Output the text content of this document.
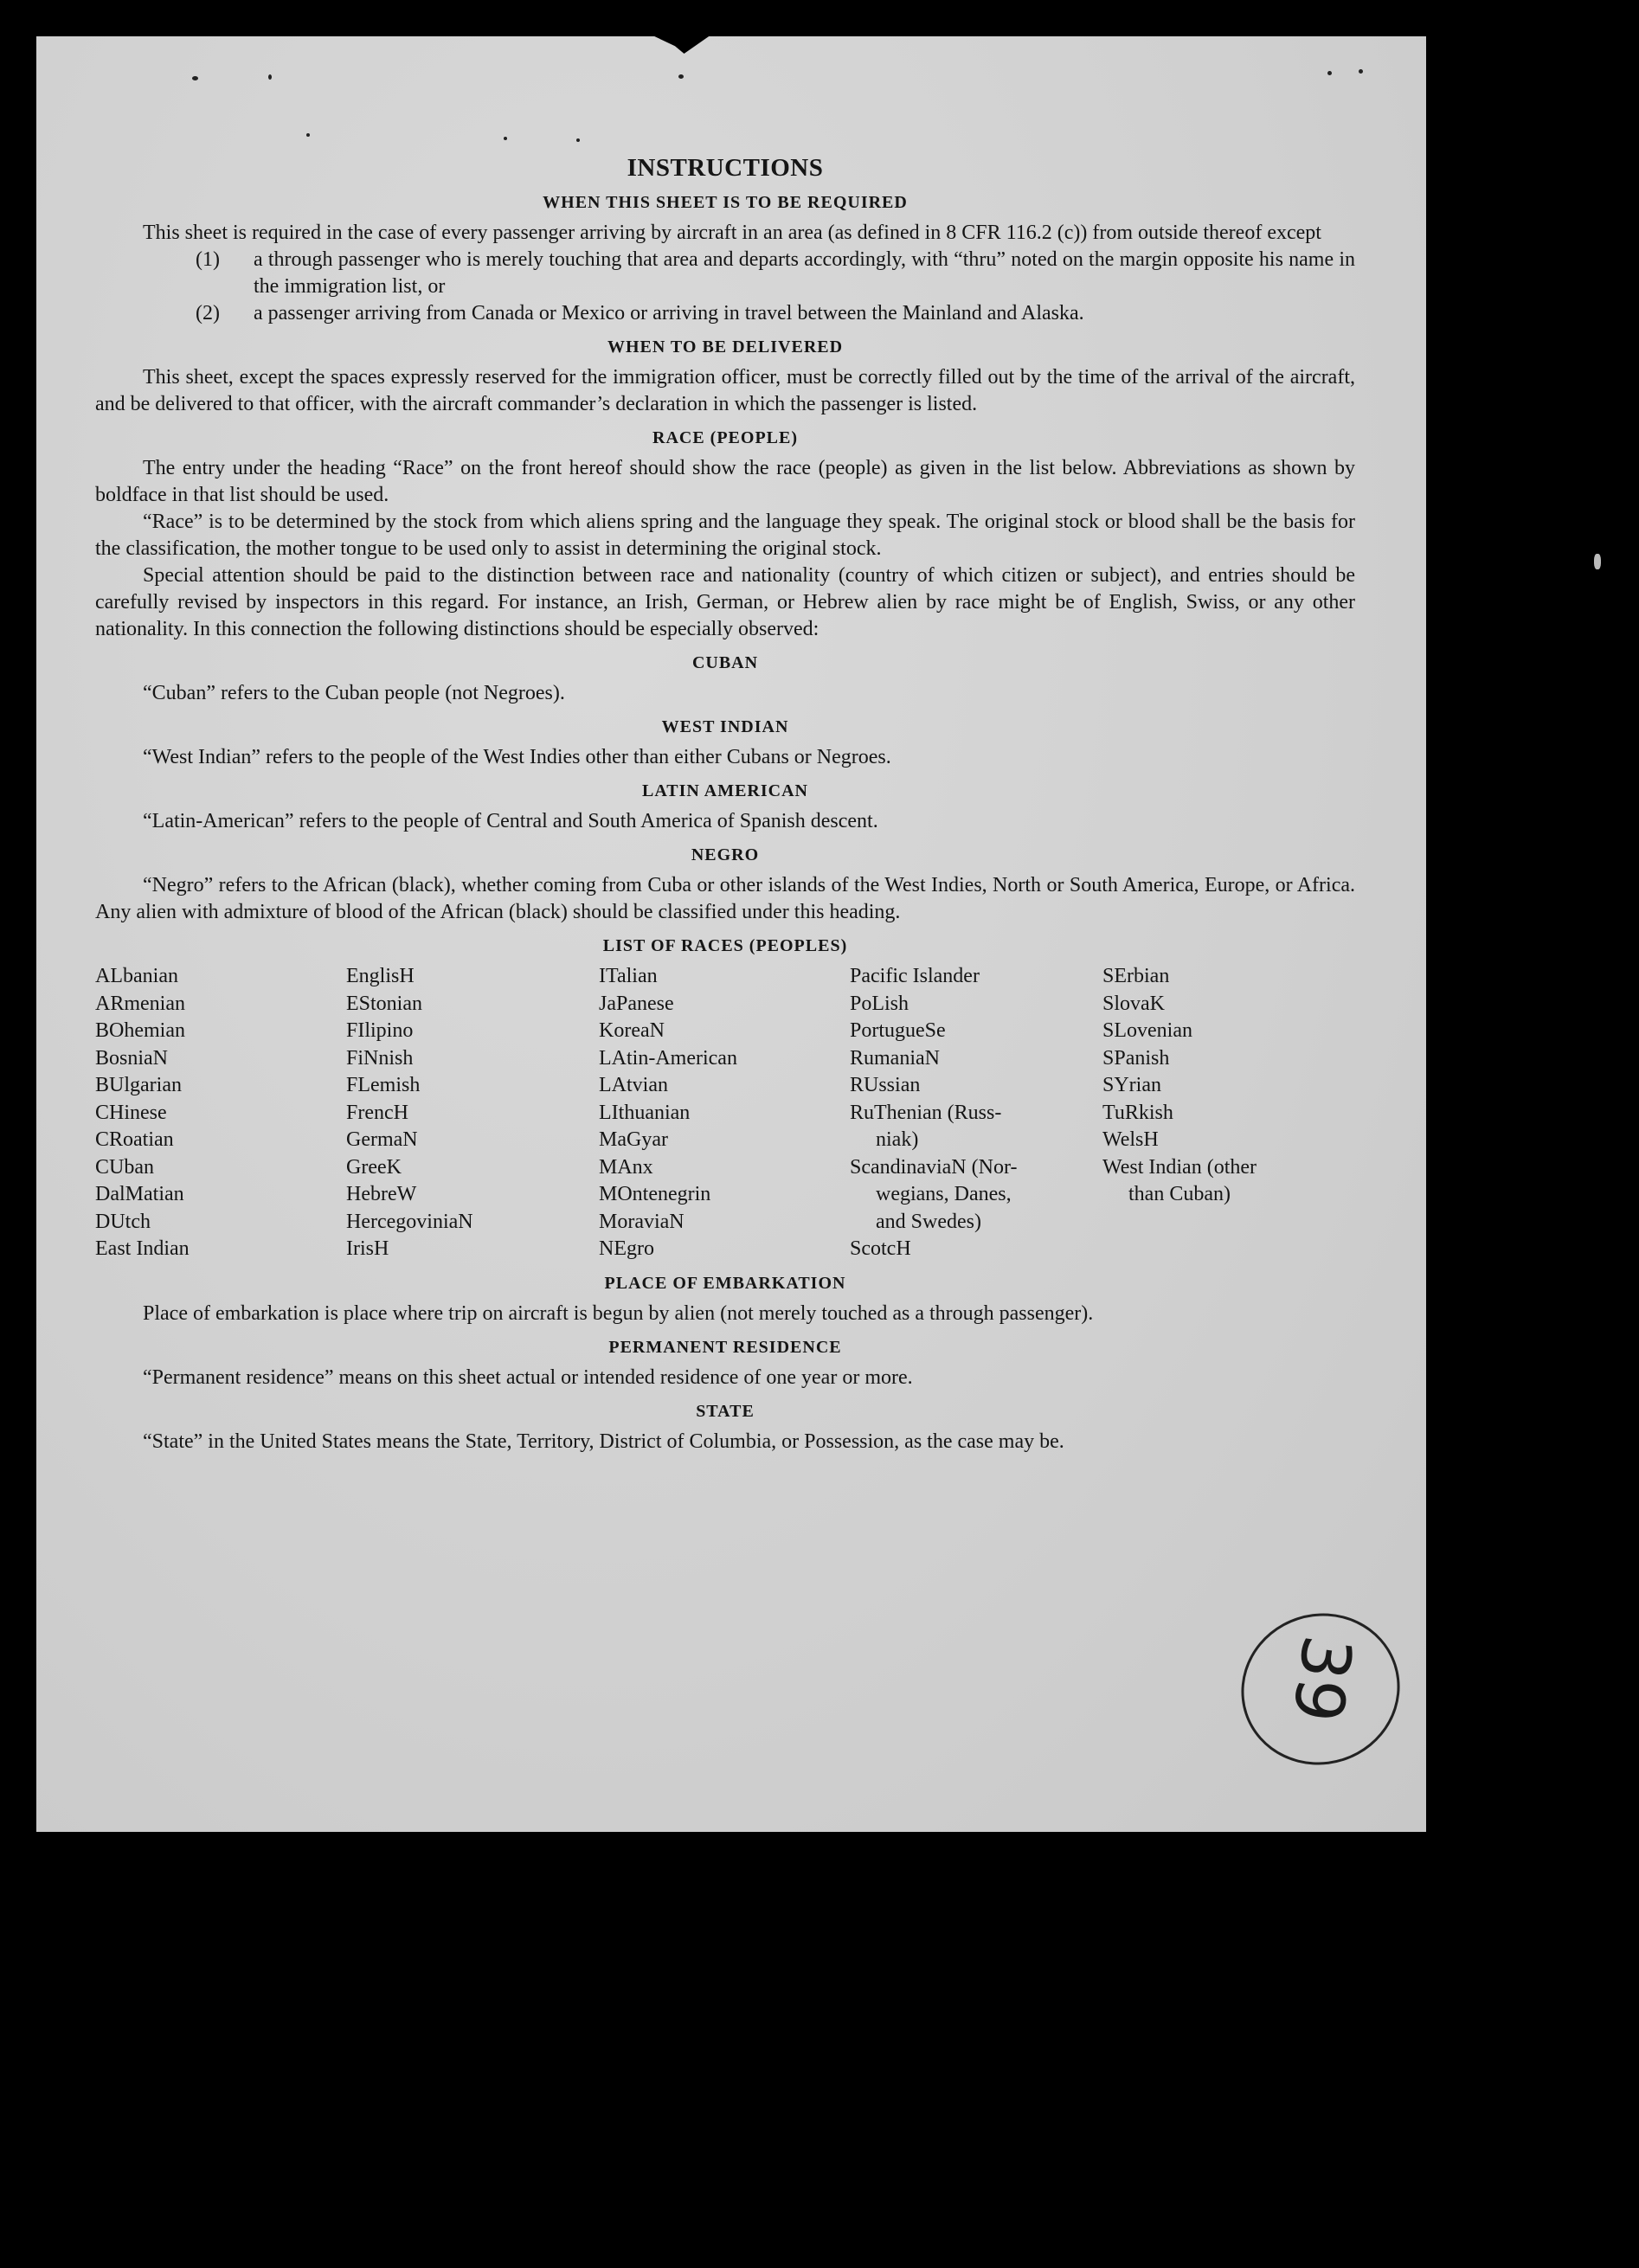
INSTRUCTIONS
WHEN THIS SHEET IS TO BE REQUIRED

This sheet is required in the case of every passenger arriving by aircraft in an area (as defined in 8 CFR 116.2 (c)) from outside thereof except

(1) a through passenger who is merely touching that area and departs accordingly, with “thru” noted on the margin opposite his name in the immigration list, or
(2) a passenger arriving from Canada or Mexico or arriving in travel between the Mainland and Alaska.
WHEN TO BE DELIVERED

This sheet, except the spaces expressly reserved for the immigration officer, must be correctly filled out by the time of the arrival of the aircraft, and be delivered to that officer, with the aircraft commander’s declaration in which the passenger is listed.

RACE (PEOPLE)

The entry under the heading “Race” on the front hereof should show the race (people) as given in the list below. Abbreviations as shown by boldface in that list should be used.

“Race” is to be determined by the stock from which aliens spring and the language they speak. The original stock or blood shall be the basis for the classification, the mother tongue to be used only to assist in determining the original stock.

Special attention should be paid to the distinction between race and nationality (country of which citizen or subject), and entries should be carefully revised by inspectors in this regard. For instance, an Irish, German, or Hebrew alien by race might be of English, Swiss, or any other nationality. In this connection the following distinctions should be especially observed:

CUBAN

“Cuban” refers to the Cuban people (not Negroes).

WEST INDIAN

“West Indian” refers to the people of the West Indies other than either Cubans or Negroes.

LATIN AMERICAN

“Latin-American” refers to the people of Central and South America of Spanish descent.

NEGRO

“Negro” refers to the African (black), whether coming from Cuba or other islands of the West Indies, North or South America, Europe, or Africa. Any alien with admixture of blood of the African (black) should be classified under this heading.

LIST OF RACES (PEOPLES)
ALbanian
ARmenian
BOhemian
BosniaN
BUlgarian
CHinese
CRoatian
CUban
DalMatian
DUtch
East Indian
EnglisH
EStonian
FIlipino
FiNnish
FLemish
FrencH
GermaN
GreeK
HebreW
HercegoviniaN
IrisH
ITalian
JaPanese
KoreaN
LAtin-American
LAtvian
LIthuanian
MaGyar
MAnx
MOntenegrin
MoraviaN
NEgro
Pacific Islander
PoLish
PortugueSe
RumaniaN
RUssian
RuThenian (Russ-
niak)
ScandinaviaN (Nor-
wegians, Danes,
and Swedes)
ScotcH
SErbian
SlovaK
SLovenian
SPanish
SYrian
TuRkish
WelsH
West Indian (other
than Cuban)
PLACE OF EMBARKATION

Place of embarkation is place where trip on aircraft is begun by alien (not merely touched as a through passenger).

PERMANENT RESIDENCE

“Permanent residence” means on this sheet actual or intended residence of one year or more.

STATE

“State” in the United States means the State, Territory, District of Columbia, or Possession, as the case may be.

39
